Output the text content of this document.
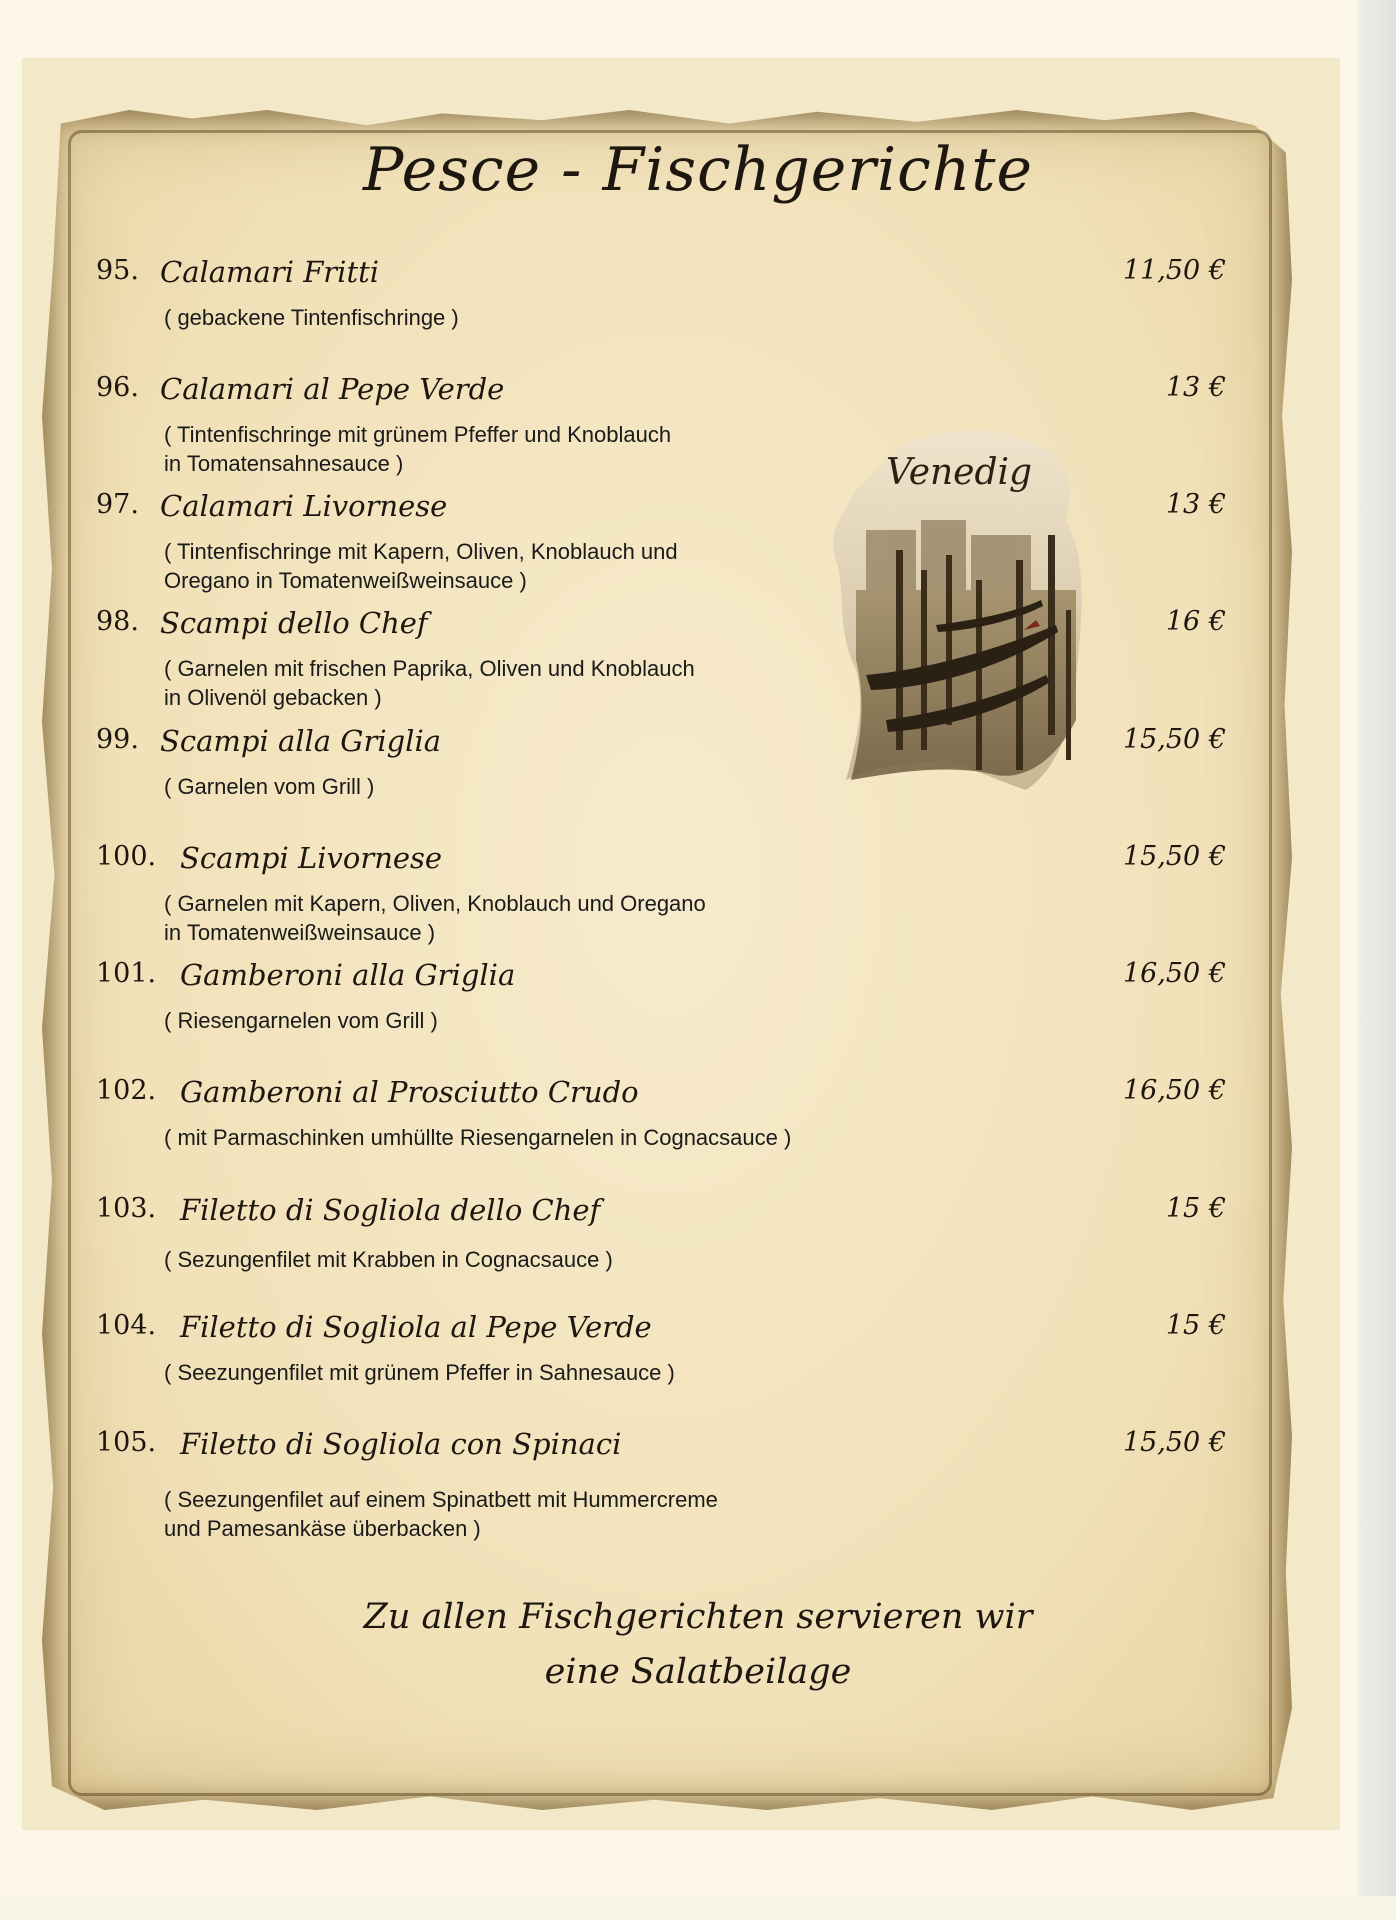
Pesce - Fischgerichte
95. Calamari Fritti	11,50 €
( gebackene Tintenfischringe )
96. Calamari al Pepe Verde	13 €
( Tintenfischringe mit grünem Pfeffer und Knoblauch
in Tomatensahnesauce )
97. Calamari Livornese	13 €
( Tintenfischringe mit Kapern, Oliven, Knoblauch und
Oregano in Tomatenweißweinsauce )
98. Scampi dello Chef	16 €
( Garnelen mit frischen Paprika, Oliven und Knoblauch
in Olivenöl gebacken )
99. Scampi alla Griglia	15,50 €
( Garnelen vom Grill )
100. Scampi Livornese	15,50 €
( Garnelen mit Kapern, Oliven, Knoblauch und Oregano
in Tomatenweißweinsauce )
101. Gamberoni alla Griglia	16,50 €
( Riesengarnelen vom Grill )
102. Gamberoni al Prosciutto Crudo	16,50 €
( mit Parmaschinken umhüllte Riesengarnelen in Cognacsauce )
103. Filetto di Sogliola dello Chef	15 €
( Sezungenfilet mit Krabben in Cognacsauce )
104. Filetto di Sogliola al Pepe Verde	15 €
( Seezungenfilet mit grünem Pfeffer in Sahnesauce )
105. Filetto di Sogliola con Spinaci	15,50 €
( Seezungenfilet auf einem Spinatbett mit Hummercreme
und Pamesankäse überbacken )
Venedig
Zu allen Fischgerichten servieren wir
eine Salatbeilage
